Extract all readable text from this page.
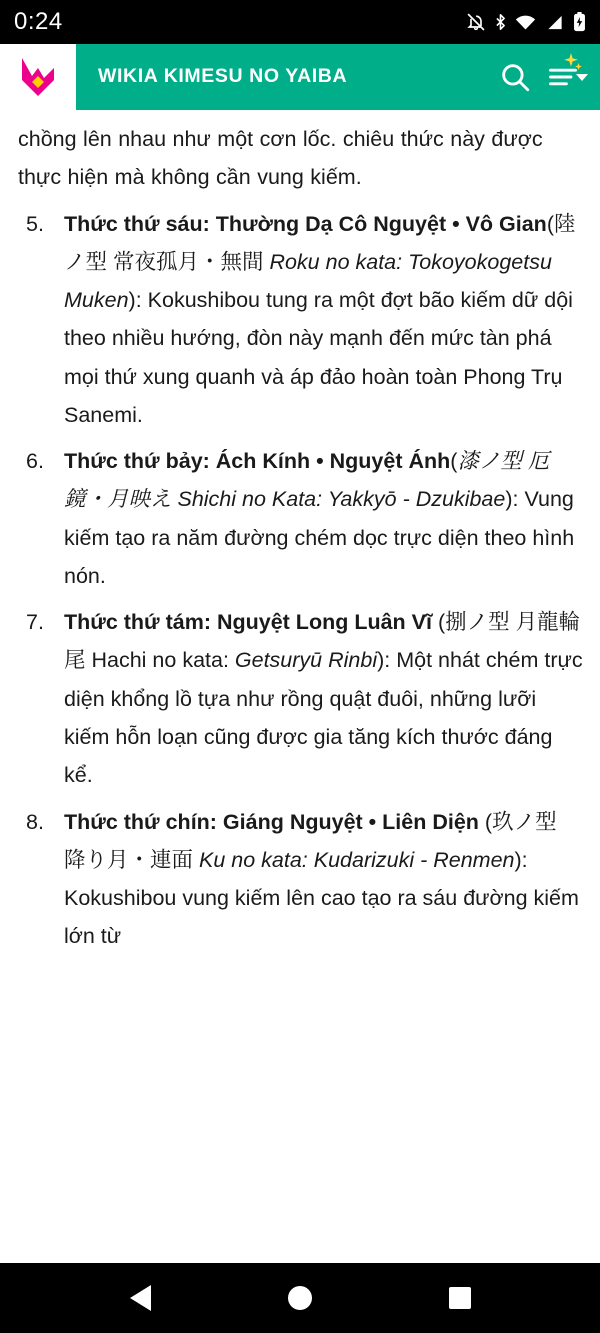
0:24
WIKIA KIMESU NO YAIBA

chồng lên nhau như một cơn lốc. chiêu thức này được thực hiện mà không cần vung kiếm.

Thức thứ sáu: Thường Dạ Cô Nguyệt • Vô Gian(陸ノ型 常夜孤月・無間 Roku no kata: Tokoyokogetsu Muken): Kokushibou tung ra một đợt bão kiếm dữ dội theo nhiều hướng, đòn này mạnh đến mức tàn phá mọi thứ xung quanh và áp đảo hoàn toàn Phong Trụ Sanemi.
Thức thứ bảy: Ách Kính • Nguyệt Ánh(漆ノ型 厄鏡・月映え Shichi no Kata: Yakkyō - Dzukibae): Vung kiếm tạo ra năm đường chém dọc trực diện theo hình nón.
Thức thứ tám: Nguyệt Long Luân Vĩ (捌ノ型 月龍輪尾 Hachi no kata: Getsuryū Rinbi): Một nhát chém trực diện khổng lồ tựa như rồng quật đuôi, những lưỡi kiếm hỗn loạn cũng được gia tăng kích thước đáng kể.
Thức thứ chín: Giáng Nguyệt • Liên Diện (玖ノ型 降り月・連面 Ku no kata: Kudarizuki - Renmen): Kokushibou vung kiếm lên cao tạo ra sáu đường kiếm lớn từ
